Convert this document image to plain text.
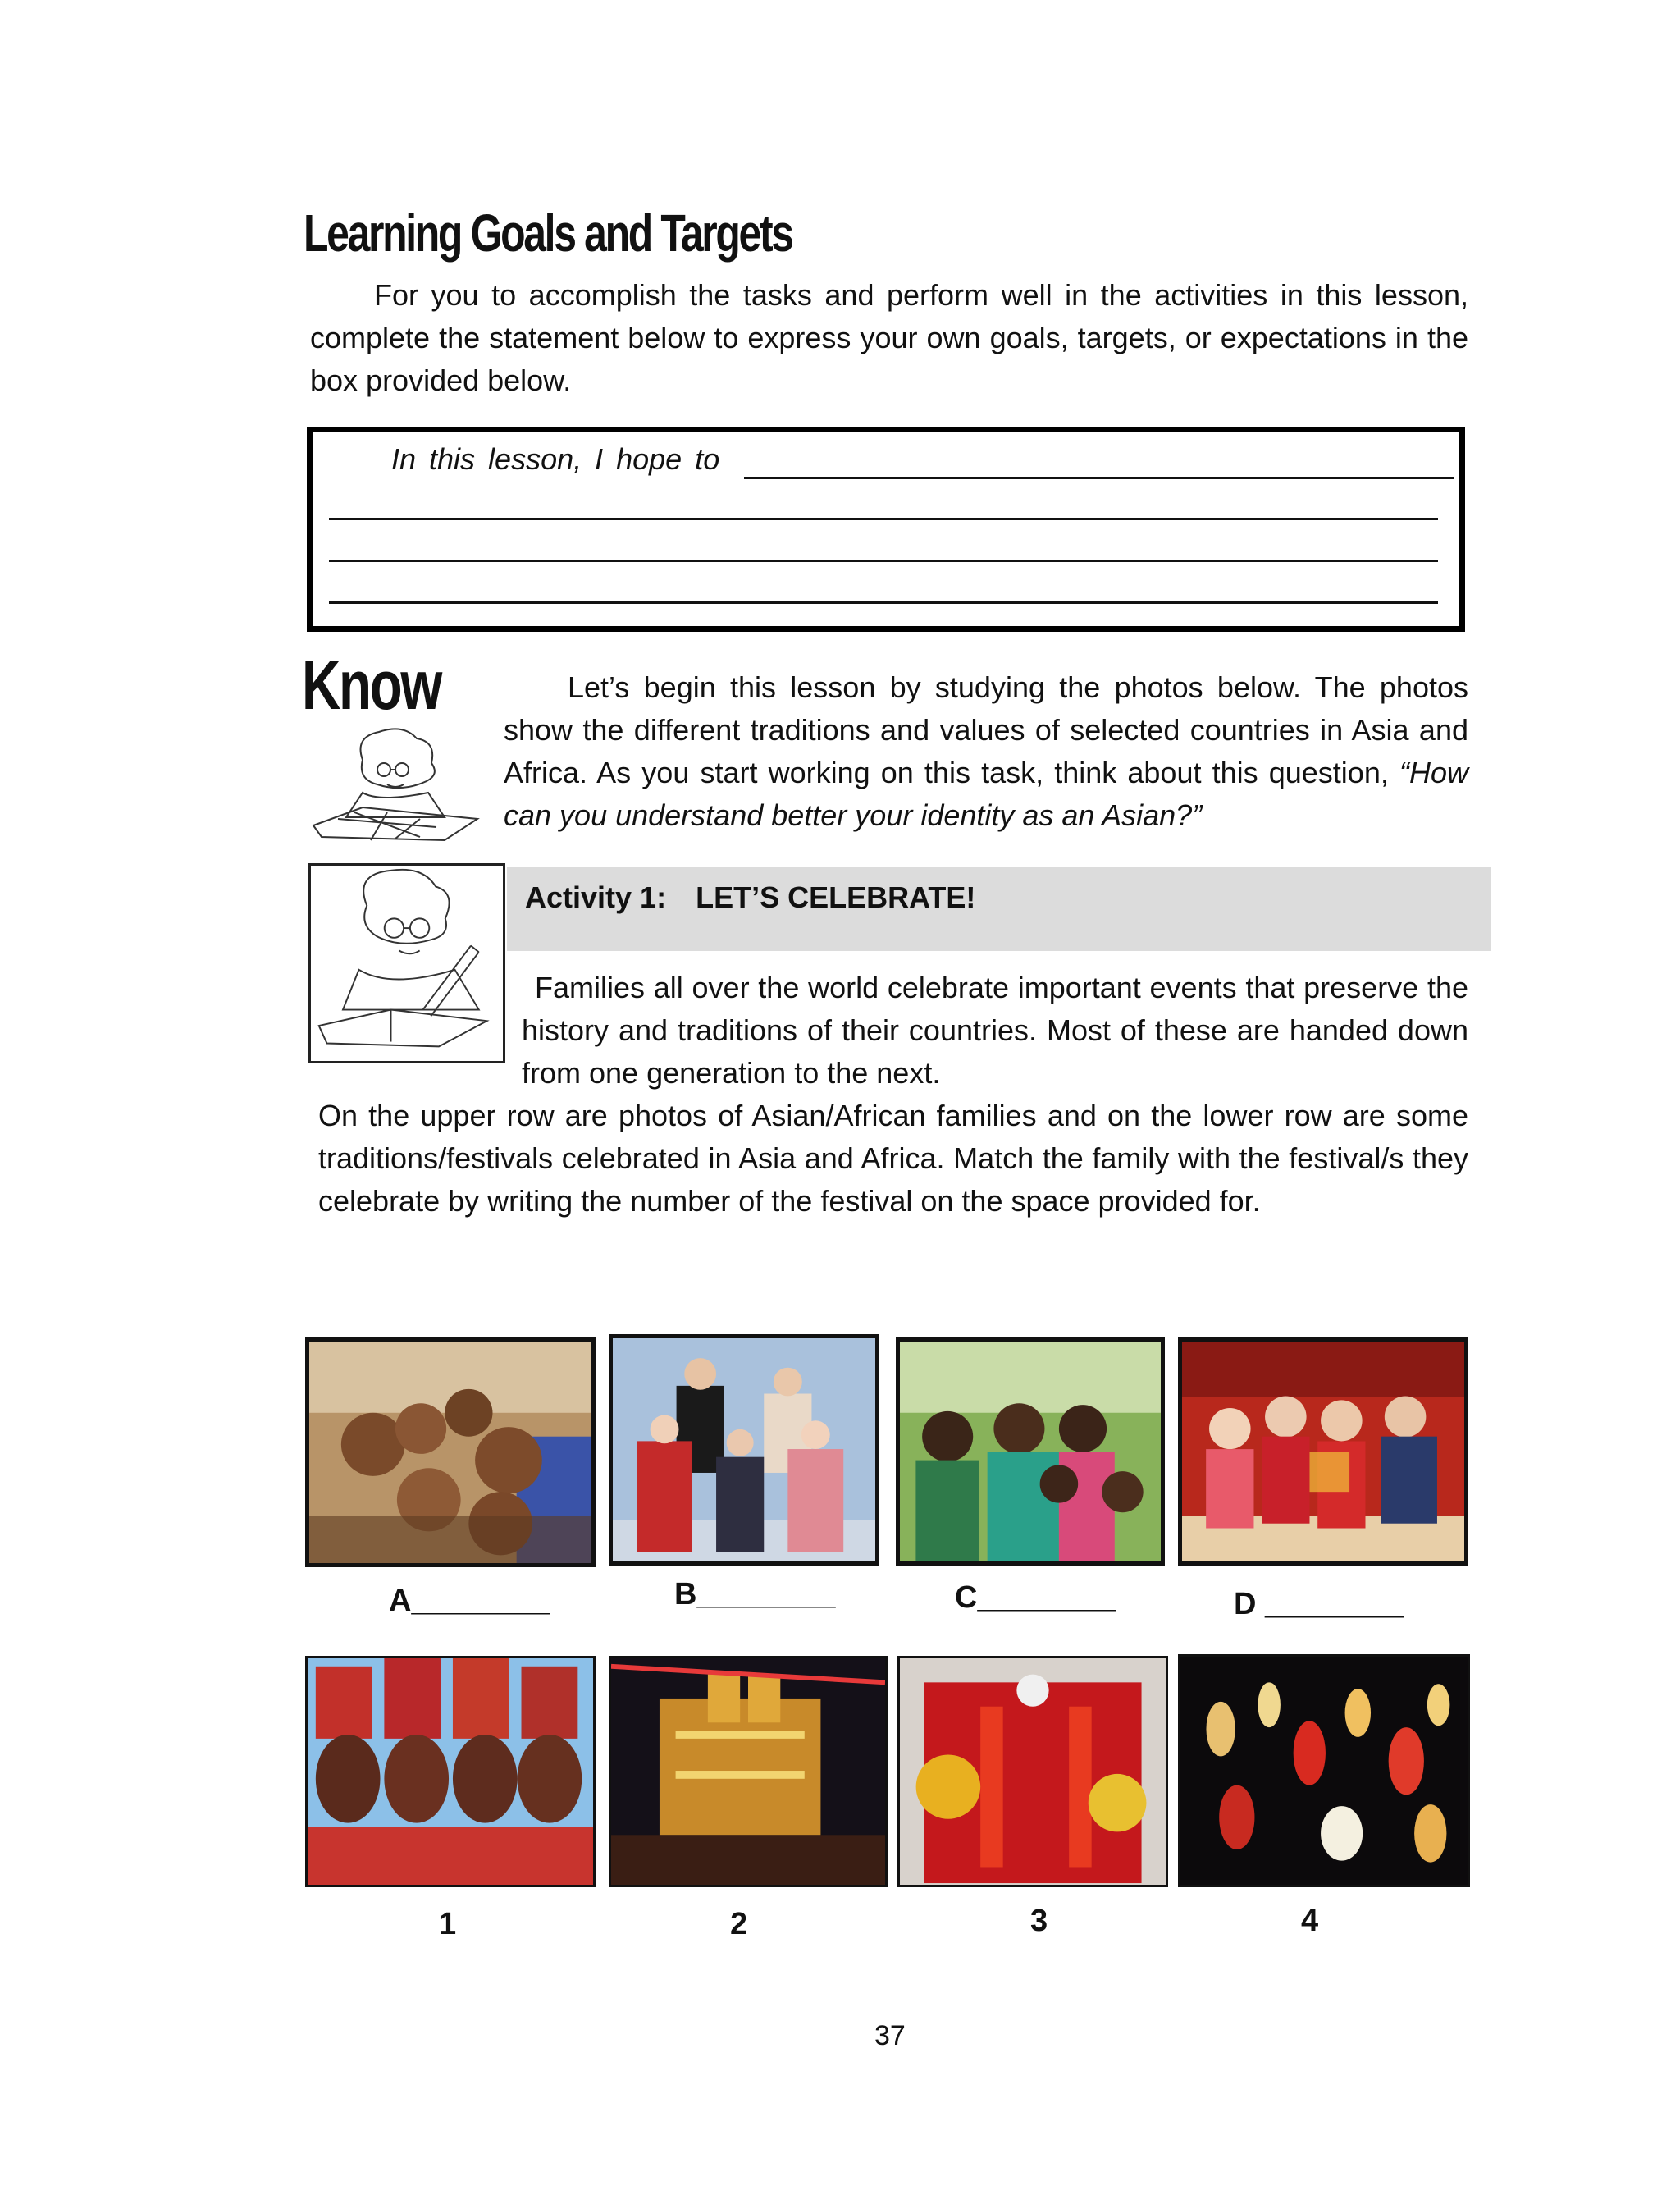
Learning Goals and Targets
For you to accomplish the tasks and perform well in the activities in this lesson, complete the statement below to express your own goals, targets, or expectations in the box provided below.
In this lesson, I hope to
Know	Let’s begin this lesson by studying the photos below. The photos show the different traditions and values of selected countries in Asia and Africa. As you start working on this task, think about this question, “How can you understand better your identity as an Asian?”
Activity 1: LET’S CELEBRATE!
Families all over the world celebrate important events that preserve the history and traditions of their countries. Most of these are handed down from one generation to the next.
On the upper row are photos of Asian/African families and on the lower row are some traditions/festivals celebrated in Asia and Africa. Match the family with the festival/s they celebrate by writing the number of the festival on the space provided for.
A________	B________	C________	D ________
1	2	3	4
37
